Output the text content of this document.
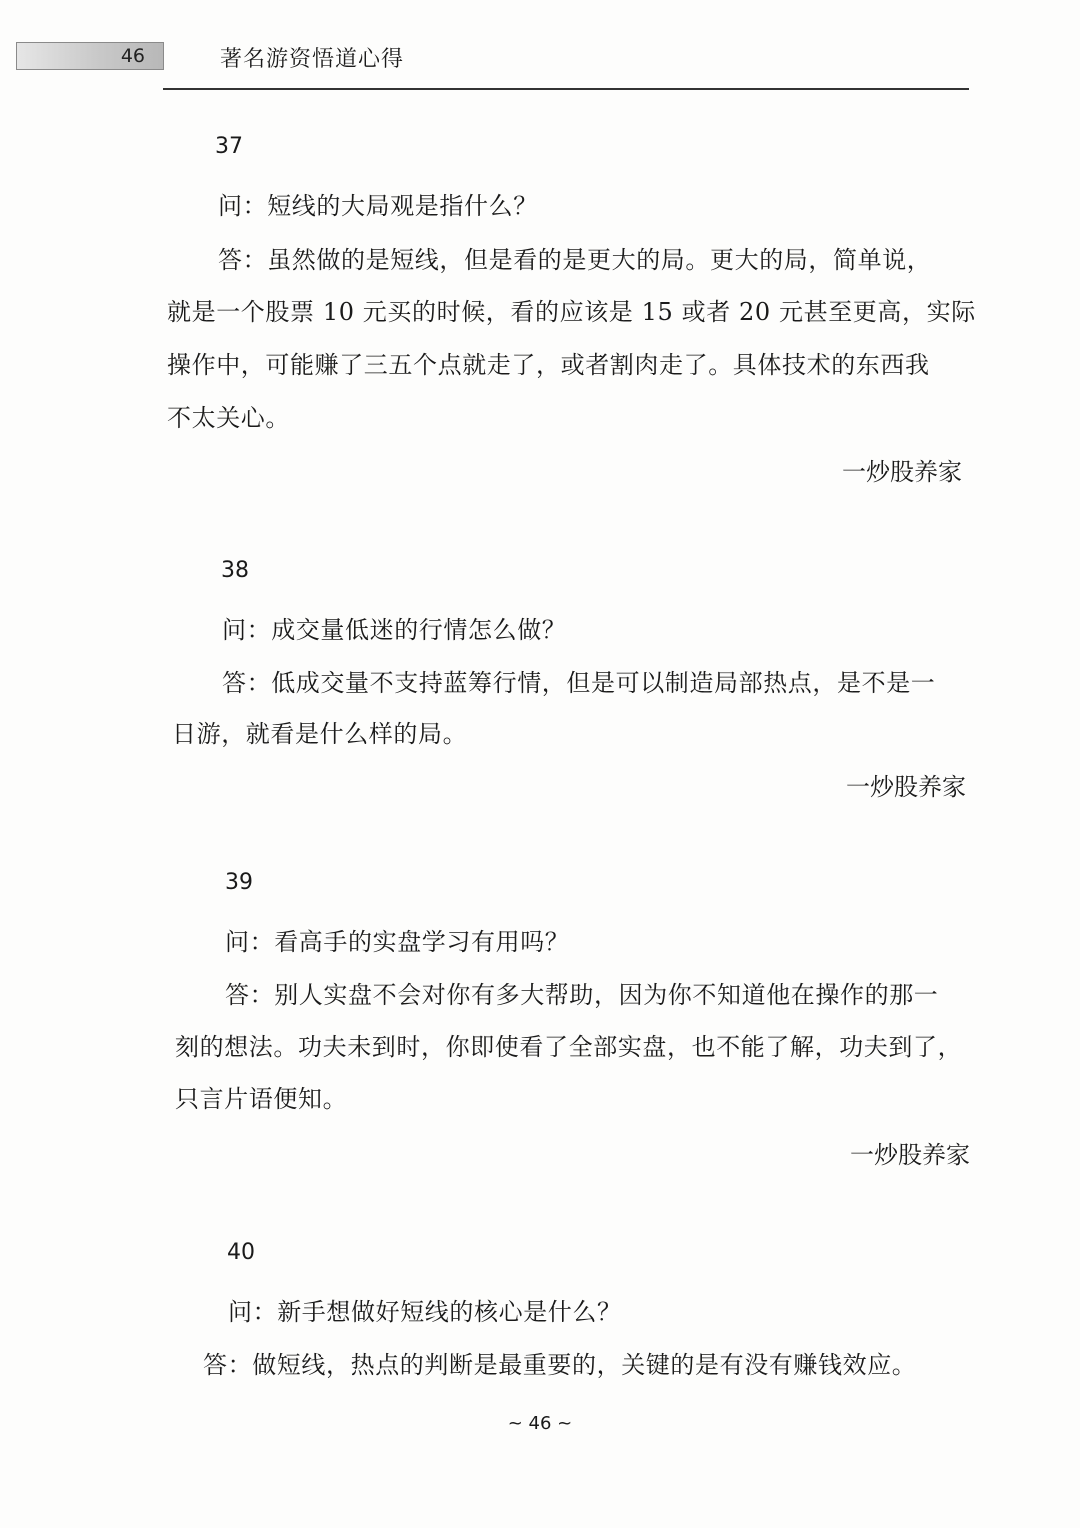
46	著名游资悟道心得
37
问：短线的大局观是指什么？
答：虽然做的是短线，但是看的是更大的局。更大的局，简单说，
就是一个股票 10 元买的时候，看的应该是 15 或者 20 元甚至更高，实际
操作中，可能赚了三五个点就走了，或者割肉走了。具体技术的东西我
不太关心。
一炒股养家
38
问：成交量低迷的行情怎么做？
答：低成交量不支持蓝筹行情，但是可以制造局部热点，是不是一
日游，就看是什么样的局。
一炒股养家
39
问：看高手的实盘学习有用吗？
答：别人实盘不会对你有多大帮助，因为你不知道他在操作的那一
刻的想法。功夫未到时，你即使看了全部实盘，也不能了解，功夫到了，
只言片语便知。
一炒股养家
40
问：新手想做好短线的核心是什么？
答：做短线，热点的判断是最重要的，关键的是有没有赚钱效应。
~ 46 ~
